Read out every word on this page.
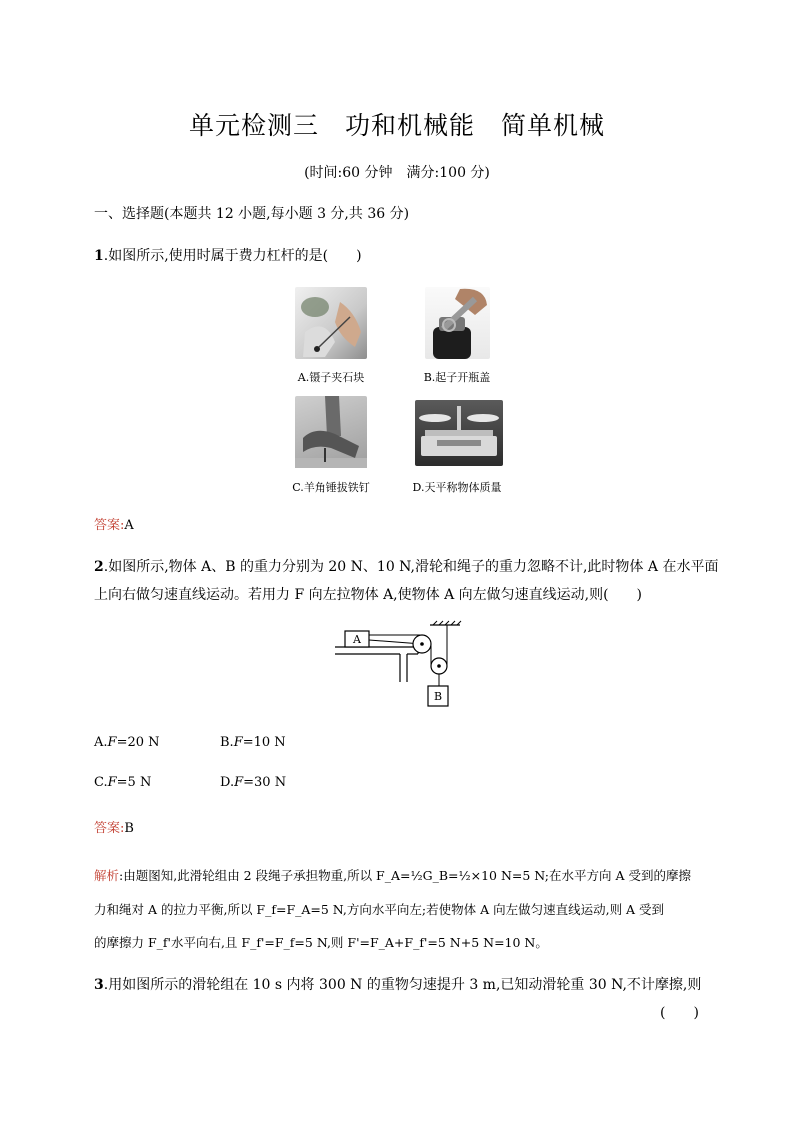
单元检测三　功和机械能　简单机械
(时间:60 分钟　满分:100 分)
一、选择题(本题共 12 小题,每小题 3 分,共 36 分)
1.如图所示,使用时属于费力杠杆的是(　　)
A.镊子夹石块	B.起子开瓶盖
C.羊角锤拔铁钉	D.天平称物体质量
答案:A
2.如图所示,物体 A、B 的重力分别为 20 N、10 N,滑轮和绳子的重力忽略不计,此时物体 A 在水平面
上向右做匀速直线运动。若用力 F 向左拉物体 A,使物体 A 向左做匀速直线运动,则(　　)
A
B
A.F=20 N	B.F=10 N
C.F=5 N	D.F=30 N
答案:B
解析:由题图知,此滑轮组由 2 段绳子承担物重,所以 F_A=½G_B=½×10 N=5 N;在水平方向 A 受到的摩擦
力和绳对 A 的拉力平衡,所以 F_f=F_A=5 N,方向水平向左;若使物体 A 向左做匀速直线运动,则 A 受到
的摩擦力 F_f'水平向右,且 F_f'=F_f=5 N,则 F'=F_A+F_f'=5 N+5 N=10 N。
3.用如图所示的滑轮组在 10 s 内将 300 N 的重物匀速提升 3 m,已知动滑轮重 30 N,不计摩擦,则
(　　)
